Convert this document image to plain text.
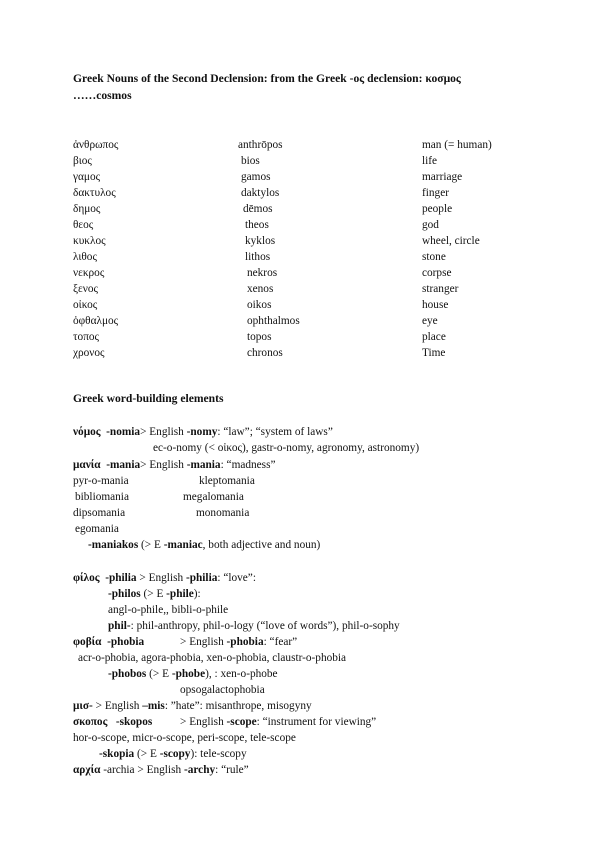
Greek Nouns of the Second Declension: from the Greek -ος declension: κοσμος
……cosmos
ἀνθρωπος	anthrōpos	man (= human)
βιος	bios	life
γαμος	gamos	marriage
δακτυλος	daktylos	finger
δημος	dēmos	people
θεος	theos	god
κυκλος	kyklos	wheel, circle
λιθος	lithos	stone
νεκρος	nekros	corpse
ξενος	xenos	stranger
οἰκος	oikos	house
ὀφθαλμος	ophthalmos	eye
τοπος	topos	place
χρονος	chronos	Time
Greek word-building elements
νόμος -nomia> English -nomy: “law”; “system of laws”
ec-o-nomy (< οἰκος), gastr-o-nomy, agronomy, astronomy)
μανία -mania> English -mania: “madness”
pyr-o-mania	kleptomania
bibliomania	megalomania
dipsomania	monomania
egomania
-maniakos (> E -maniac, both adjective and noun)
φίλος -philia > English -philia: “love”:
-philos (> E -phile):
angl-o-phile,, bibli-o-phile
phil-: phil-anthropy, phil-o-logy (“love of words”), phil-o-sophy
φοβία -phobia	> English -phobia: “fear”
acr-o-phobia, agora-phobia, xen-o-phobia, claustr-o-phobia
-phobos (> E -phobe), : xen-o-phobe
opsogalactophobia
μισ- > English –mis: ”hate”: misanthrope, misogyny
σκοπος -skopos > English -scope: “instrument for viewing”
hor-o-scope, micr-o-scope, peri-scope, tele-scope
-skopia (> E -scopy): tele-scopy
αρχία -archia > English -archy: “rule”
